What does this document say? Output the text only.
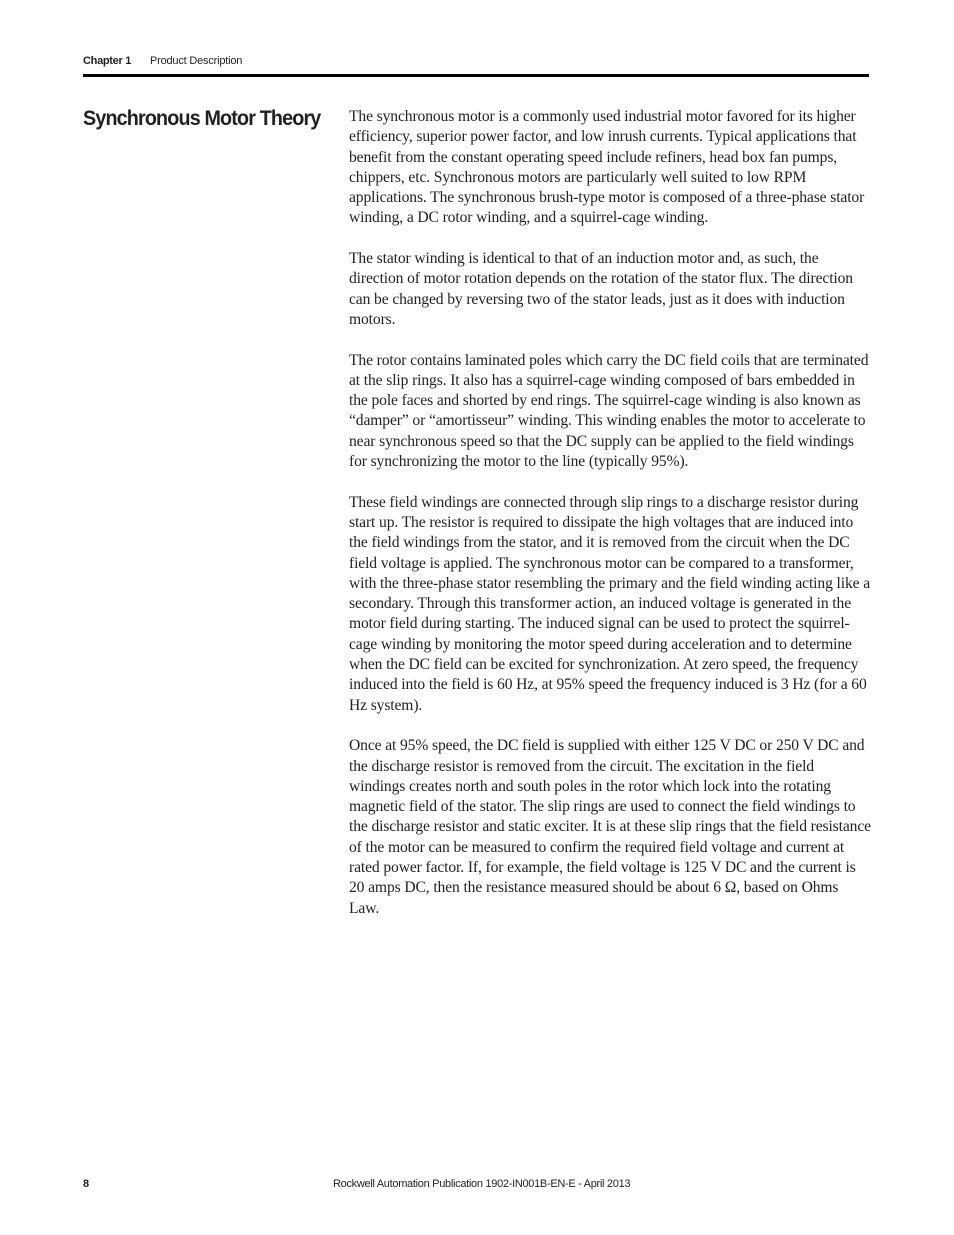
Chapter 1 Product Description
Synchronous Motor Theory The synchronous motor is a commonly used industrial motor favored for its higher efficiency, superior power factor, and low inrush currents. Typical applications that benefit from the constant operating speed include refiners, head box fan pumps, chippers, etc. Synchronous motors are particularly well suited to low RPM applications. The synchronous brush-type motor is composed of a three-phase stator winding, a DC rotor winding, and a squirrel-cage winding.

The stator winding is identical to that of an induction motor and, as such, the direction of motor rotation depends on the rotation of the stator flux. The direction can be changed by reversing two of the stator leads, just as it does with induction motors.

The rotor contains laminated poles which carry the DC field coils that are terminated at the slip rings. It also has a squirrel-cage winding composed of bars embedded in the pole faces and shorted by end rings. The squirrel-cage winding is also known as “damper” or “amortisseur” winding. This winding enables the motor to accelerate to near synchronous speed so that the DC supply can be applied to the field windings for synchronizing the motor to the line (typically 95%).

These field windings are connected through slip rings to a discharge resistor during start up. The resistor is required to dissipate the high voltages that are induced into the field windings from the stator, and it is removed from the circuit when the DC field voltage is applied. The synchronous motor can be compared to a transformer, with the three-phase stator resembling the primary and the field winding acting like a secondary. Through this transformer action, an induced voltage is generated in the motor field during starting. The induced signal can be used to protect the squirrel-cage winding by monitoring the motor speed during acceleration and to determine when the DC field can be excited for synchronization. At zero speed, the frequency induced into the field is 60 Hz, at 95% speed the frequency induced is 3 Hz (for a 60 Hz system).

Once at 95% speed, the DC field is supplied with either 125 V DC or 250 V DC and the discharge resistor is removed from the circuit. The excitation in the field windings creates north and south poles in the rotor which lock into the rotating magnetic field of the stator. The slip rings are used to connect the field windings to the discharge resistor and static exciter. It is at these slip rings that the field resistance of the motor can be measured to confirm the required field voltage and current at rated power factor. If, for example, the field voltage is 125 V DC and the current is 20 amps DC, then the resistance measured should be about 6 Ω, based on Ohms Law.

8	Rockwell Automation Publication 1902-IN001B-EN-E - April 2013
